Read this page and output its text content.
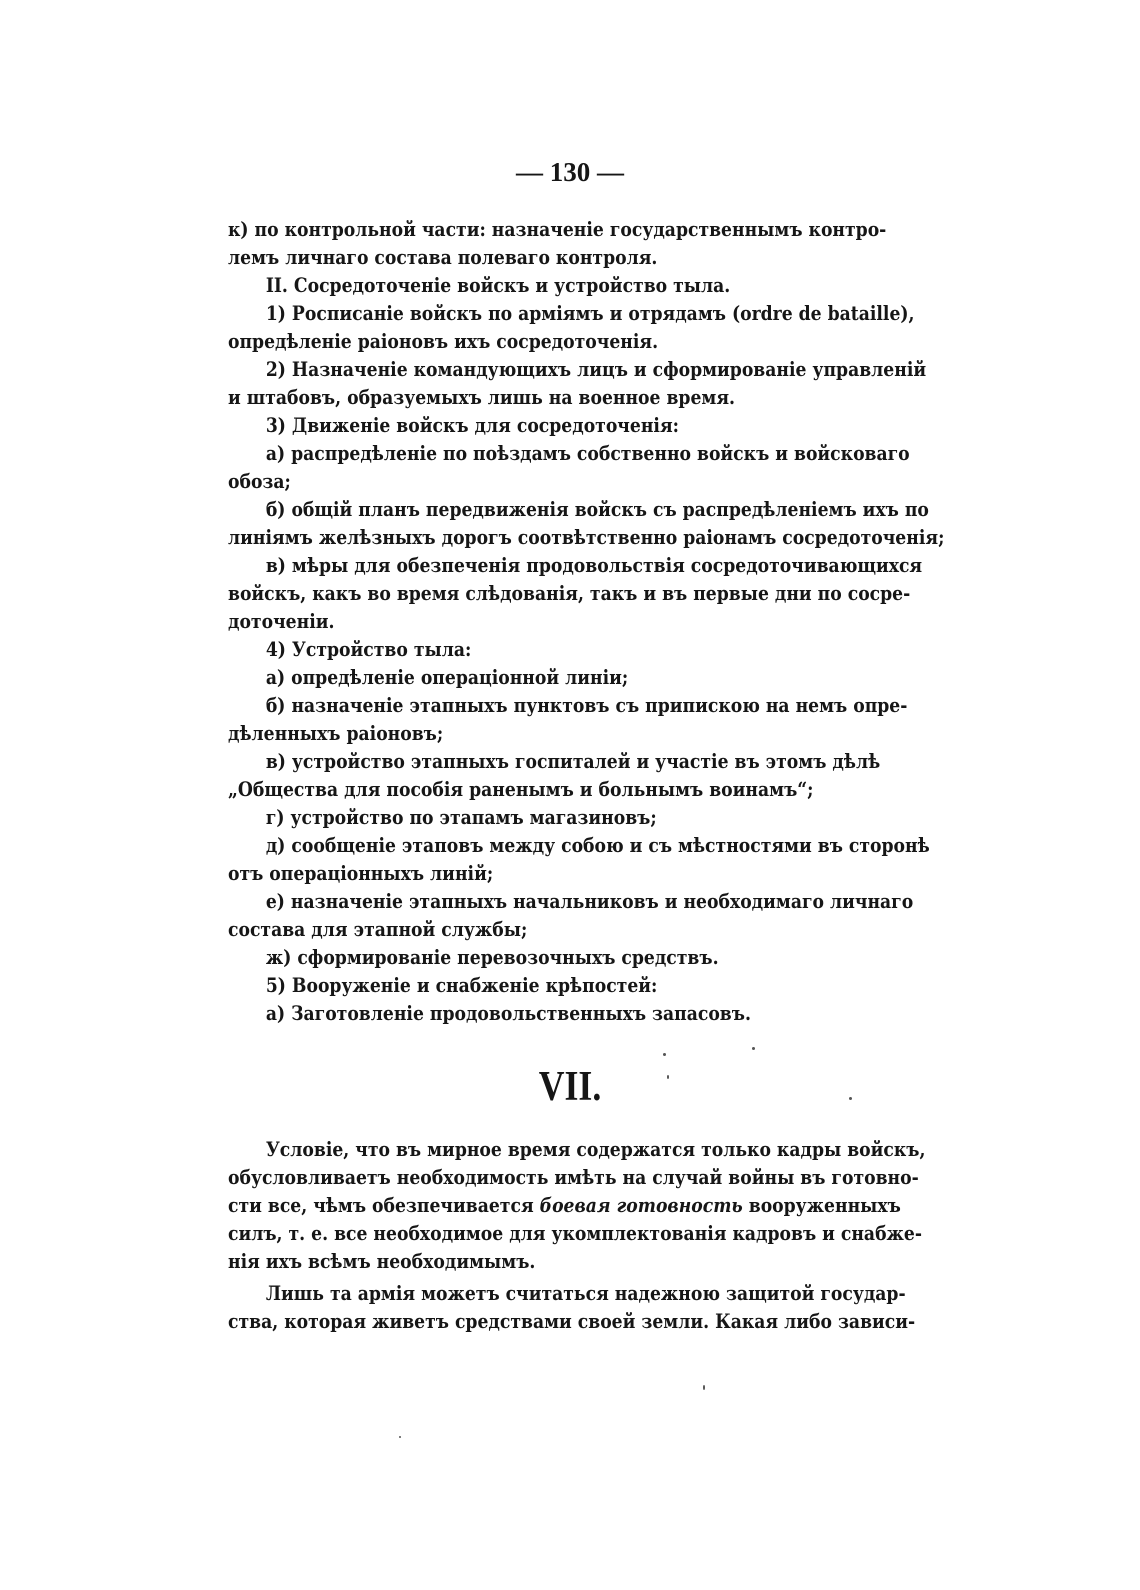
— 130 —
к) по контрольной части: назначеніе государственнымъ контро-
лемъ личнаго состава полеваго контроля.
II. Сосредоточеніе войскъ и устройство тыла.
1) Росписаніе войскъ по арміямъ и отрядамъ (ordre de bataille),
опредѣленіе раіоновъ ихъ сосредоточенія.
2) Назначеніе командующихъ лицъ и сформированіе управленій
и штабовъ, образуемыхъ лишь на военное время.
3) Движеніе войскъ для сосредоточенія:
а) распредѣленіе по поѣздамъ собственно войскъ и войсковаго
обоза;
б) общій планъ передвиженія войскъ съ распредѣленіемъ ихъ по
линіямъ желѣзныхъ дорогъ соотвѣтственно раіонамъ сосредоточенія;
в) мѣры для обезпеченія продовольствія сосредоточивающихся
войскъ, какъ во время слѣдованія, такъ и въ первые дни по сосре-
доточеніи.
4) Устройство тыла:
а) опредѣленіе операціонной линіи;
б) назначеніе этапныхъ пунктовъ съ припискою на немъ опре-
дѣленныхъ раіоновъ;
в) устройство этапныхъ госпиталей и участіе въ этомъ дѣлѣ
„Общества для пособія раненымъ и больнымъ воинамъ“;
г) устройство по этапамъ магазиновъ;
д) сообщеніе этаповъ между собою и съ мѣстностями въ сторонѣ
отъ операціонныхъ линій;
е) назначеніе этапныхъ начальниковъ и необходимаго личнаго
состава для этапной службы;
ж) сформированіе перевозочныхъ средствъ.
5) Вооруженіе и снабженіе крѣпостей:
а) Заготовленіе продовольственныхъ запасовъ.
VII.
Условіе, что въ мирное время содержатся только кадры войскъ,
обусловливаетъ необходимость имѣть на случай войны въ готовно-
сти все, чѣмъ обезпечивается боевая готовность вооруженныхъ
силъ, т. е. все необходимое для укомплектованія кадровъ и снабже-
нія ихъ всѣмъ необходимымъ.
Лишь та армія можетъ считаться надежною защитой государ-
ства, которая живетъ средствами своей земли. Какая либо зависи-
